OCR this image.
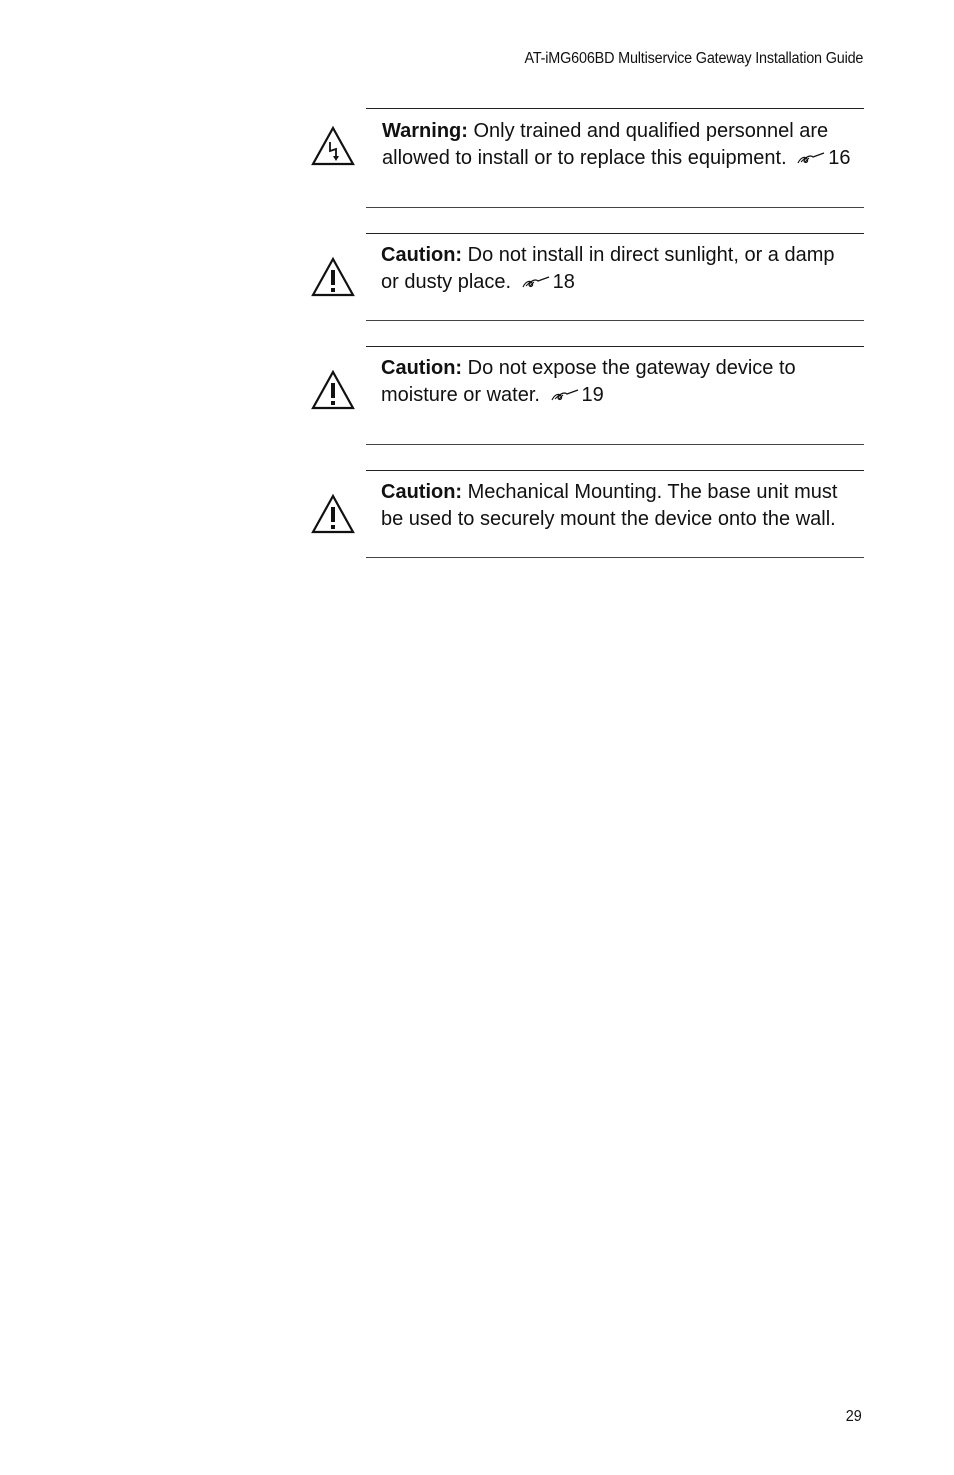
AT-iMG606BD Multiservice Gateway Installation Guide

Warning: Only trained and qualified personnel are allowed to install or to replace this equipment. 16

Caution: Do not install in direct sunlight, or a damp or dusty place. 18

Caution: Do not expose the gateway device to moisture or water. 19

Caution: Mechanical Mounting. The base unit must be used to securely mount the device onto the wall.

29
